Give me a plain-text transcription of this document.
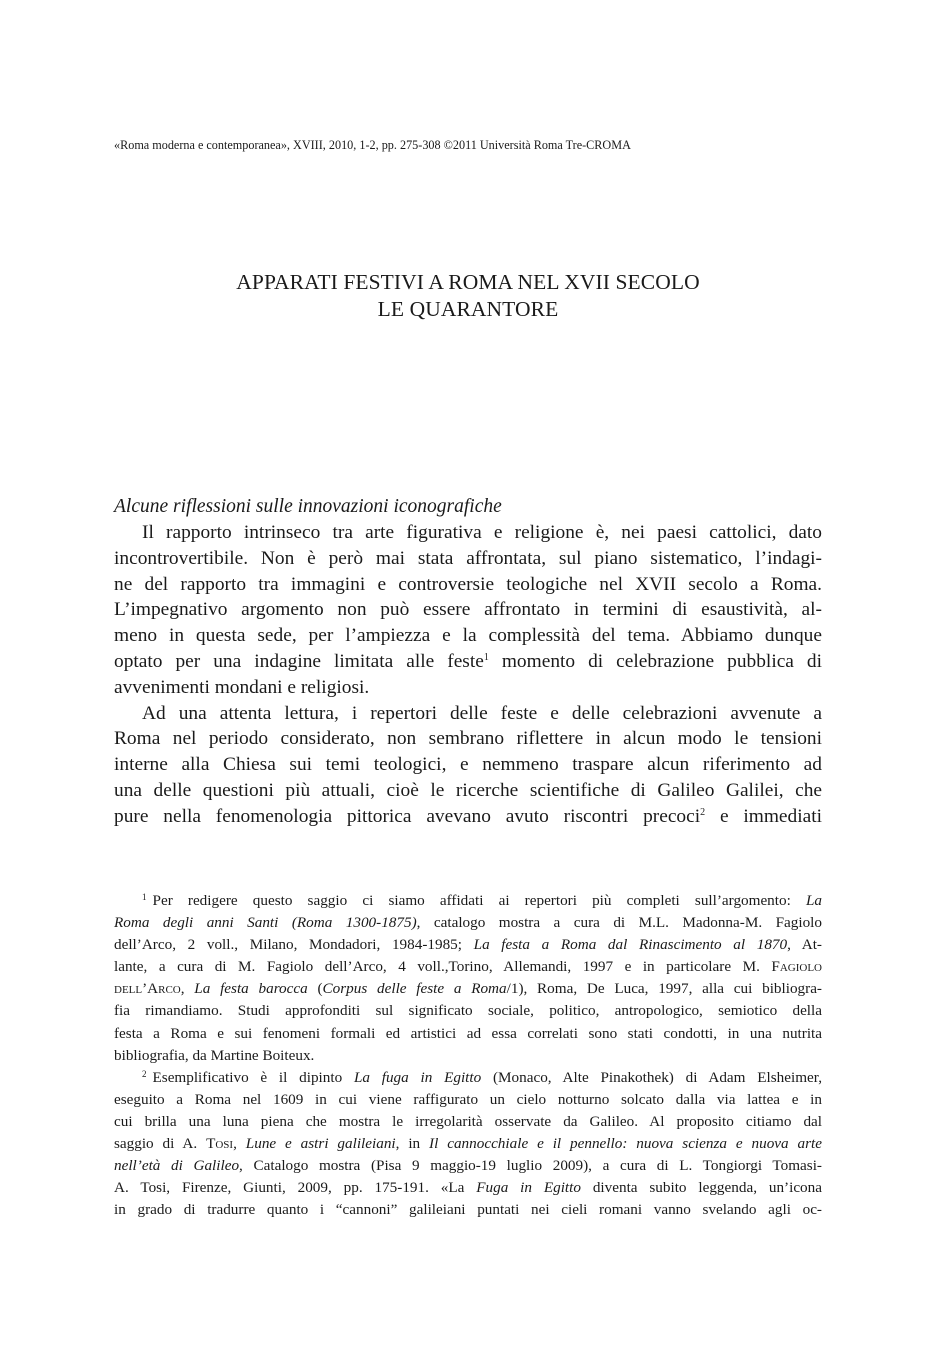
«Roma moderna e contemporanea», XVIII, 2010, 1-2, pp. 275-308 ©2011 Università Roma Tre-CROMA
APPARATI FESTIVI A ROMA NEL XVII SECOLO
LE QUARANTORE
Alcune riflessioni sulle innovazioni iconografiche

Il rapporto intrinseco tra arte figurativa e religione è, nei paesi cattolici, dato
incontrovertibile. Non è però mai stata affrontata, sul piano sistematico, l’indagi-
ne del rapporto tra immagini e controversie teologiche nel XVII secolo a Roma.
L’impegnativo argomento non può essere affrontato in termini di esaustività, al-
meno in questa sede, per l’ampiezza e la complessità del tema. Abbiamo dunque
optato per una indagine limitata alle feste$^1$ momento di celebrazione pubblica di
avvenimenti mondani e religiosi.

Ad una attenta lettura, i repertori delle feste e delle celebrazioni avvenute a
Roma nel periodo considerato, non sembrano riflettere in alcun modo le tensioni
interne alla Chiesa sui temi teologici, e nemmeno traspare alcun riferimento ad
una delle questioni più attuali, cioè le ricerche scientifiche di Galileo Galilei, che
pure nella fenomenologia pittorica avevano avuto riscontri precoci$^2$ e immediati

$^1$ Per redigere questo saggio ci siamo affidati ai repertori più completi sull’argomento: La
Roma degli anni Santi (Roma 1300-1875), catalogo mostra a cura di M.L. Madonna-M. Fagiolo
dell’Arco, 2 voll., Milano, Mondadori, 1984-1985; La festa a Roma dal Rinascimento al 1870, At-
lante, a cura di M. Fagiolo dell’Arco, 4 voll.,Torino, Allemandi, 1997 e in particolare M. Fagiolo
dell’Arco, La festa barocca (Corpus delle feste a Roma/1), Roma, De Luca, 1997, alla cui bibliogra-
fia rimandiamo. Studi approfonditi sul significato sociale, politico, antropologico, semiotico della
festa a Roma e sui fenomeni formali ed artistici ad essa correlati sono stati condotti, in una nutrita
bibliografia, da Martine Boiteux.

$^2$ Esemplificativo è il dipinto La fuga in Egitto (Monaco, Alte Pinakothek) di Adam Elsheimer,
eseguito a Roma nel 1609 in cui viene raffigurato un cielo notturno solcato dalla via lattea e in
cui brilla una luna piena che mostra le irregolarità osservate da Galileo. Al proposito citiamo dal
saggio di A. Tosi, Lune e astri galileiani, in Il cannocchiale e il pennello: nuova scienza e nuova arte
nell’età di Galileo, Catalogo mostra (Pisa 9 maggio-19 luglio 2009), a cura di L. Tongiorgi Tomasi-
A. Tosi, Firenze, Giunti, 2009, pp. 175-191. «La Fuga in Egitto diventa subito leggenda, un’icona
in grado di tradurre quanto i “cannoni” galileiani puntati nei cieli romani vanno svelando agli oc-
